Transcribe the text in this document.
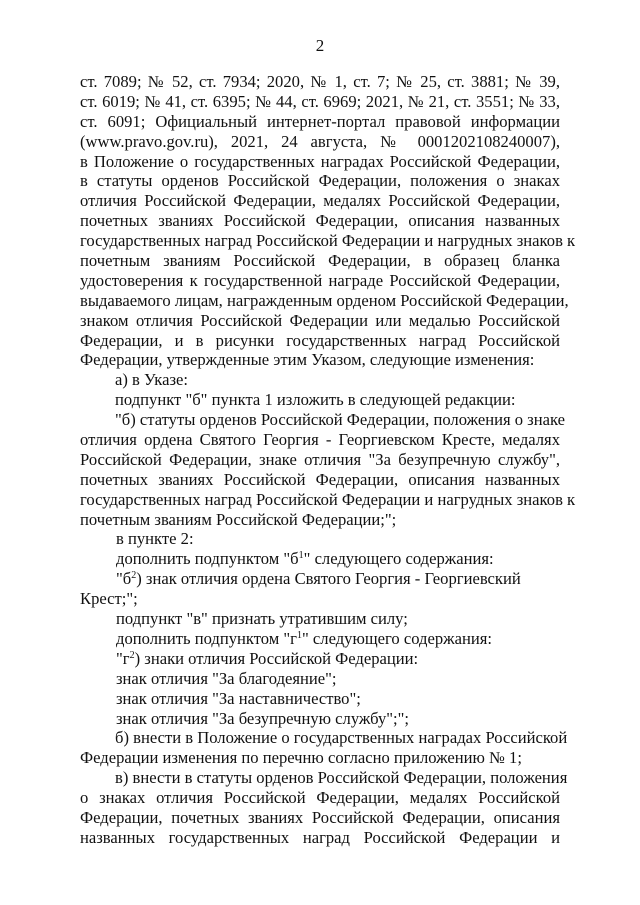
2
ст. 7089; № 52, ст. 7934; 2020, № 1, ст. 7; № 25, ст. 3881; № 39,
ст. 6019; № 41, ст. 6395; № 44, ст. 6969; 2021, № 21, ст. 3551; № 33,
ст. 6091; Официальный интернет-портал правовой информации
(www.pravo.gov.ru), 2021, 24 августа, № 0001202108240007),
в Положение о государственных наградах Российской Федерации,
в статуты орденов Российской Федерации, положения о знаках
отличия Российской Федерации, медалях Российской Федерации,
почетных званиях Российской Федерации, описания названных
государственных наград Российской Федерации и нагрудных знаков к
почетным званиям Российской Федерации, в образец бланка
удостоверения к государственной награде Российской Федерации,
выдаваемого лицам, награжденным орденом Российской Федерации,
знаком отличия Российской Федерации или медалью Российской
Федерации, и в рисунки государственных наград Российской
Федерации, утвержденные этим Указом, следующие изменения:
а) в Указе:
подпункт "б" пункта 1 изложить в следующей редакции:
"б) статуты орденов Российской Федерации, положения о знаке
отличия ордена Святого Георгия - Георгиевском Кресте, медалях
Российской Федерации, знаке отличия "За безупречную службу",
почетных званиях Российской Федерации, описания названных
государственных наград Российской Федерации и нагрудных знаков к
почетным званиям Российской Федерации;";
в пункте 2:
дополнить подпунктом "$б^1$" следующего содержания:
"$б^2$) знак отличия ордена Святого Георгия - Георгиевский
Крест;";
подпункт "в" признать утратившим силу;
дополнить подпунктом "$г^1$" следующего содержания:
"$г^2$) знаки отличия Российской Федерации:
знак отличия "За благодеяние";
знак отличия "За наставничество";
знак отличия "За безупречную службу";";
б) внести в Положение о государственных наградах Российской
Федерации изменения по перечню согласно приложению № 1;
в) внести в статуты орденов Российской Федерации, положения
о знаках отличия Российской Федерации, медалях Российской
Федерации, почетных званиях Российской Федерации, описания
названных государственных наград Российской Федерации и
